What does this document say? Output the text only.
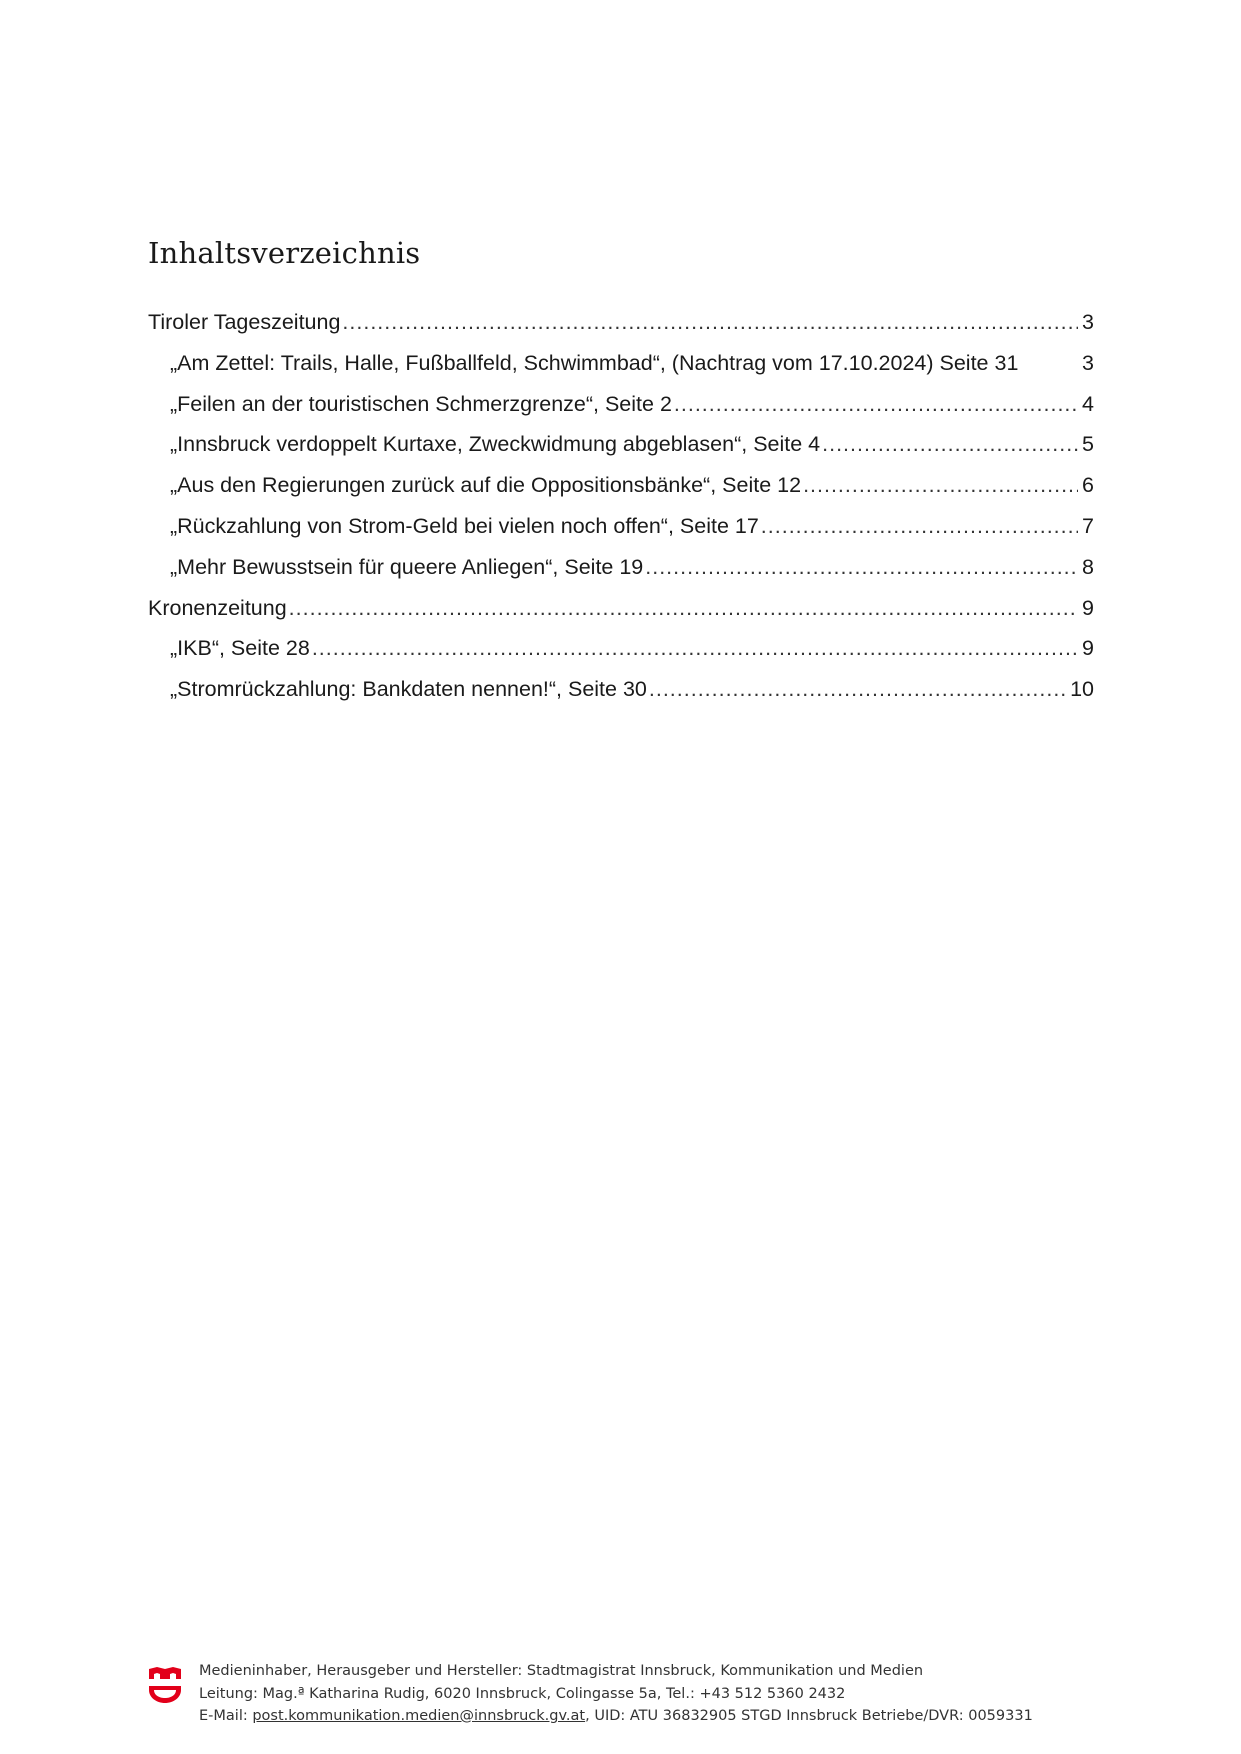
Inhaltsverzeichnis
Tiroler Tageszeitung .....	3
„Am Zettel: Trails, Halle, Fußballfeld, Schwimmbad“, (Nachtrag vom 17.10.2024) Seite 31	3
„Feilen an der touristischen Schmerzgrenze“, Seite 2 .....	4
„Innsbruck verdoppelt Kurtaxe, Zweckwidmung abgeblasen“, Seite 4 .....	5
„Aus den Regierungen zurück auf die Oppositionsbänke“, Seite 12 .....	6
„Rückzahlung von Strom-Geld bei vielen noch offen“, Seite 17 .....	7
„Mehr Bewusstsein für queere Anliegen“, Seite 19 .....	8
Kronenzeitung .....	9
„IKB“, Seite 28 .....	9
„Stromrückzahlung: Bankdaten nennen!“, Seite 30 .....	10
Medieninhaber, Herausgeber und Hersteller: Stadtmagistrat Innsbruck, Kommunikation und Medien
Leitung: Mag.ª Katharina Rudig, 6020 Innsbruck, Colingasse 5a, Tel.: +43 512 5360 2432
E-Mail: post.kommunikation.medien@innsbruck.gv.at, UID: ATU 36832905 STGD Innsbruck Betriebe/DVR: 0059331
